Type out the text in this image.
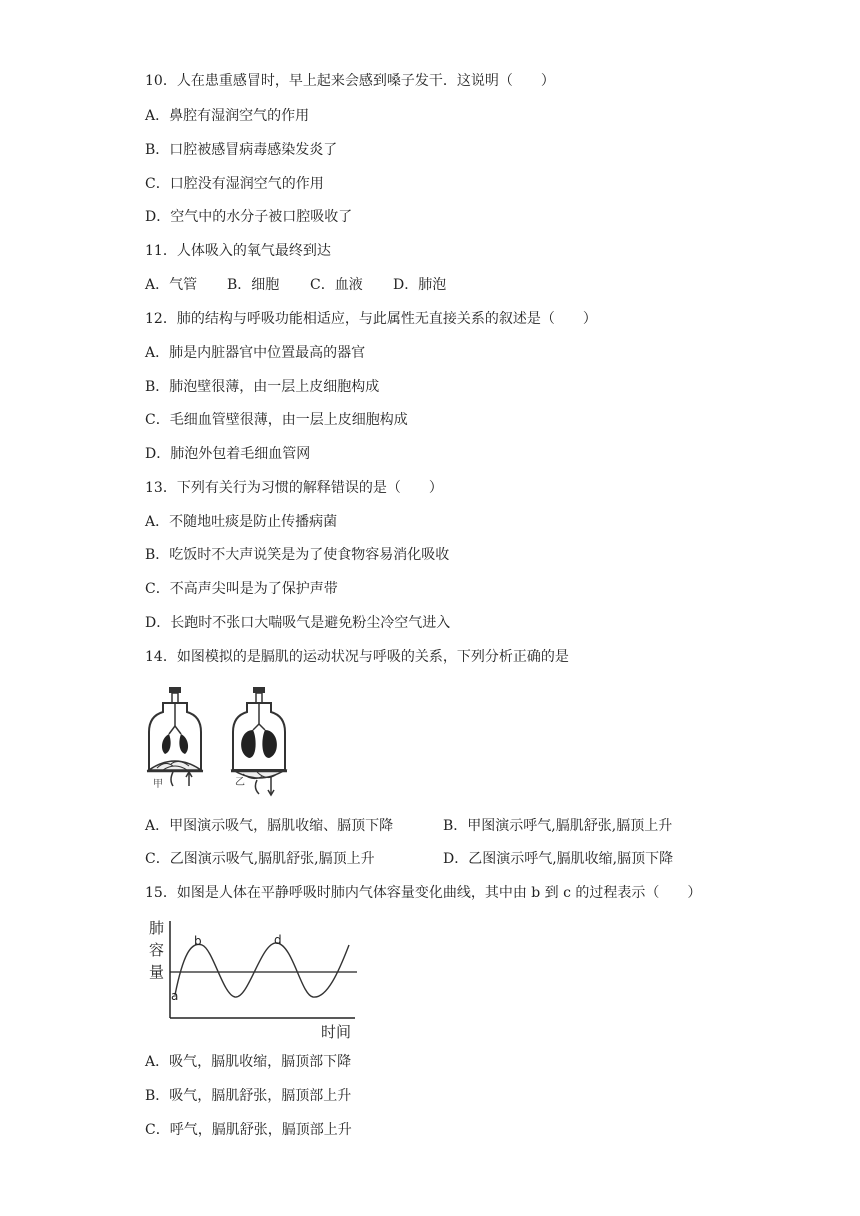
10．人在患重感冒时，早上起来会感到嗓子发干．这说明（　　）
A．鼻腔有湿润空气的作用
B．口腔被感冒病毒感染发炎了
C．口腔没有湿润空气的作用
D．空气中的水分子被口腔吸收了
11．人体吸入的氧气最终到达
A．气管 B．细胞 C．血液 D．肺泡
12．肺的结构与呼吸功能相适应，与此属性无直接关系的叙述是（　　）
A．肺是内脏器官中位置最高的器官
B．肺泡壁很薄，由一层上皮细胞构成
C．毛细血管壁很薄，由一层上皮细胞构成
D．肺泡外包着毛细血管网
13．下列有关行为习惯的解释错误的是（　　）
A．不随地吐痰是防止传播病菌
B．吃饭时不大声说笑是为了使食物容易消化吸收
C．不高声尖叫是为了保护声带
D．长跑时不张口大喘吸气是避免粉尘冷空气进入
14．如图模拟的是膈肌的运动状况与呼吸的关系，下列分析正确的是
甲	乙
A．甲图演示吸气，膈肌收缩、膈顶下降	B．甲图演示呼气,膈肌舒张,膈顶上升
C．乙图演示吸气,膈肌舒张,膈顶上升	D．乙图演示呼气,膈肌收缩,膈顶下降
15．如图是人体在平静呼吸时肺内气体容量变化曲线，其中由 b 到 c 的过程表示（　　）
肺
容
量
a
b	d
时间
A．吸气，膈肌收缩，膈顶部下降
B．吸气，膈肌舒张，膈顶部上升
C．呼气，膈肌舒张，膈顶部上升
